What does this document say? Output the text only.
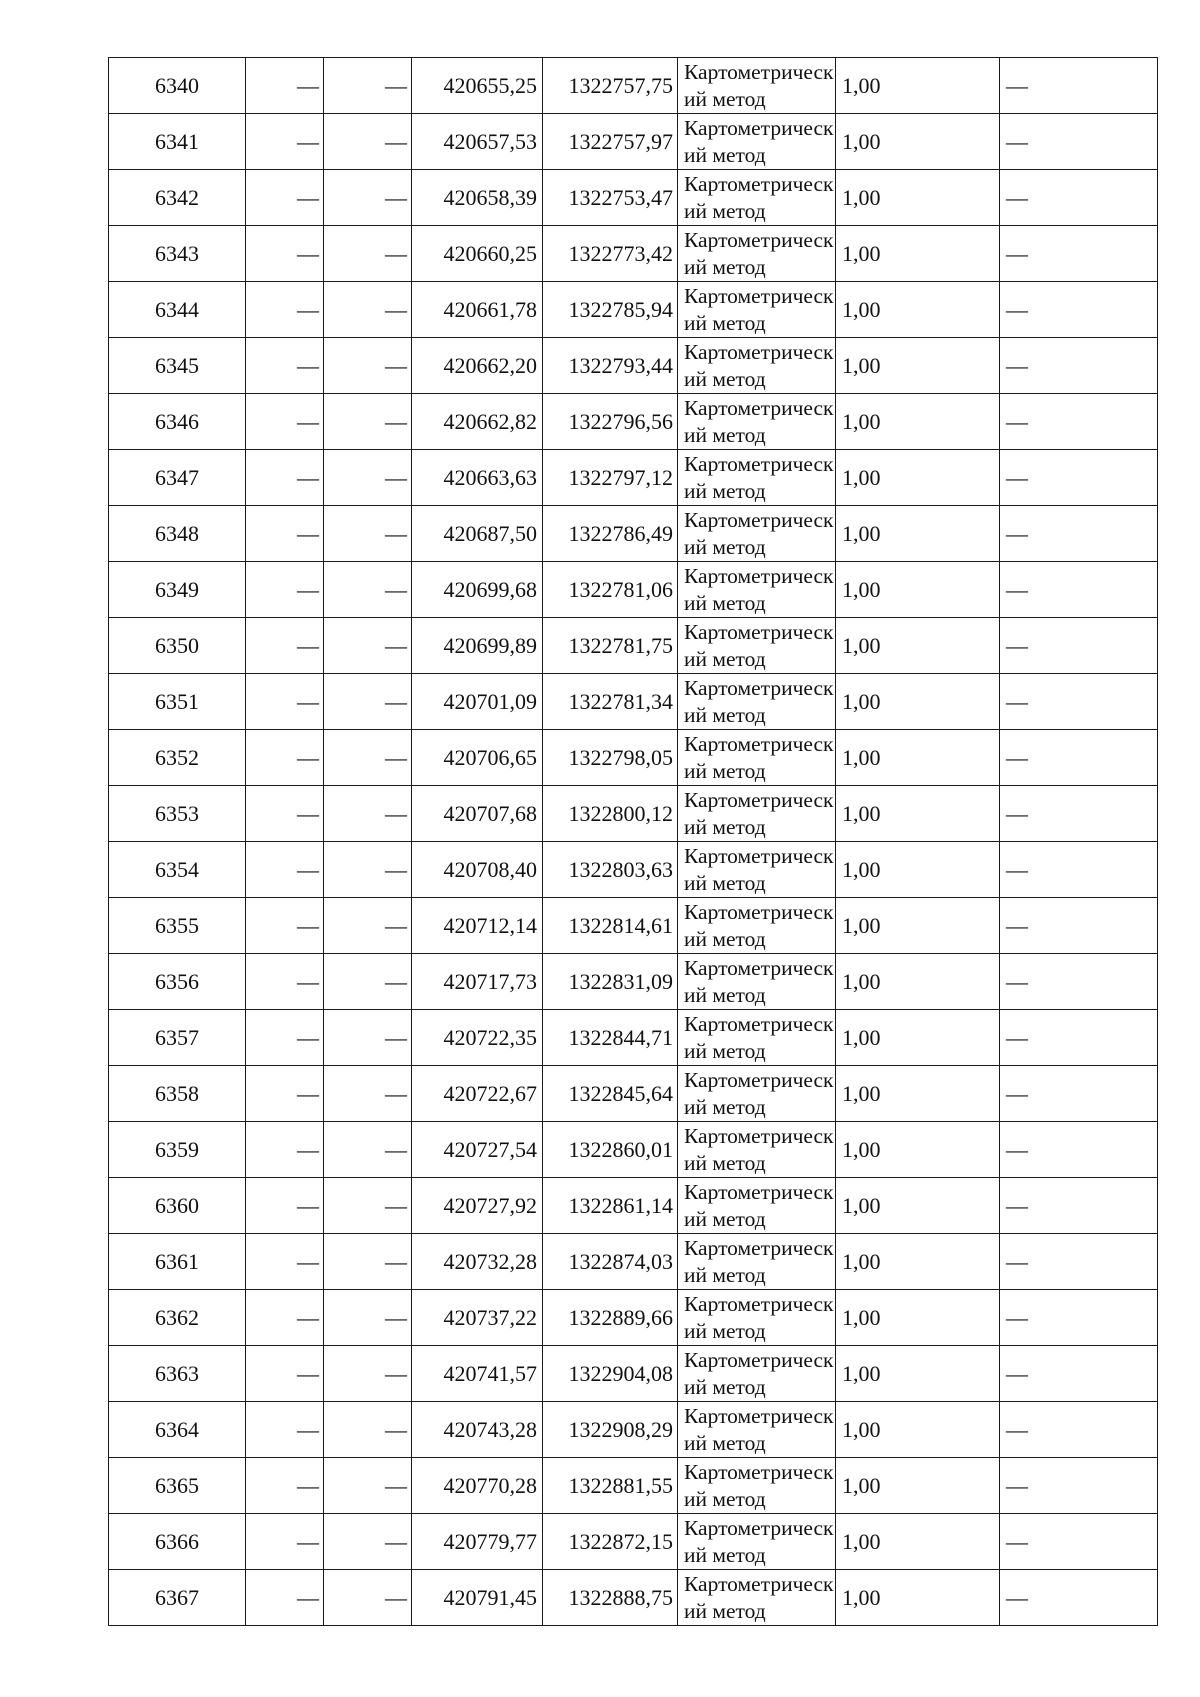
6340	—	—	420655,25	1322757,75	Картометрический метод	1,00	—
6341	—	—	420657,53	1322757,97	Картометрический метод	1,00	—
6342	—	—	420658,39	1322753,47	Картометрический метод	1,00	—
6343	—	—	420660,25	1322773,42	Картометрический метод	1,00	—
6344	—	—	420661,78	1322785,94	Картометрический метод	1,00	—
6345	—	—	420662,20	1322793,44	Картометрический метод	1,00	—
6346	—	—	420662,82	1322796,56	Картометрический метод	1,00	—
6347	—	—	420663,63	1322797,12	Картометрический метод	1,00	—
6348	—	—	420687,50	1322786,49	Картометрический метод	1,00	—
6349	—	—	420699,68	1322781,06	Картометрический метод	1,00	—
6350	—	—	420699,89	1322781,75	Картометрический метод	1,00	—
6351	—	—	420701,09	1322781,34	Картометрический метод	1,00	—
6352	—	—	420706,65	1322798,05	Картометрический метод	1,00	—
6353	—	—	420707,68	1322800,12	Картометрический метод	1,00	—
6354	—	—	420708,40	1322803,63	Картометрический метод	1,00	—
6355	—	—	420712,14	1322814,61	Картометрический метод	1,00	—
6356	—	—	420717,73	1322831,09	Картометрический метод	1,00	—
6357	—	—	420722,35	1322844,71	Картометрический метод	1,00	—
6358	—	—	420722,67	1322845,64	Картометрический метод	1,00	—
6359	—	—	420727,54	1322860,01	Картометрический метод	1,00	—
6360	—	—	420727,92	1322861,14	Картометрический метод	1,00	—
6361	—	—	420732,28	1322874,03	Картометрический метод	1,00	—
6362	—	—	420737,22	1322889,66	Картометрический метод	1,00	—
6363	—	—	420741,57	1322904,08	Картометрический метод	1,00	—
6364	—	—	420743,28	1322908,29	Картометрический метод	1,00	—
6365	—	—	420770,28	1322881,55	Картометрический метод	1,00	—
6366	—	—	420779,77	1322872,15	Картометрический метод	1,00	—
6367	—	—	420791,45	1322888,75	Картометрический метод	1,00	—
